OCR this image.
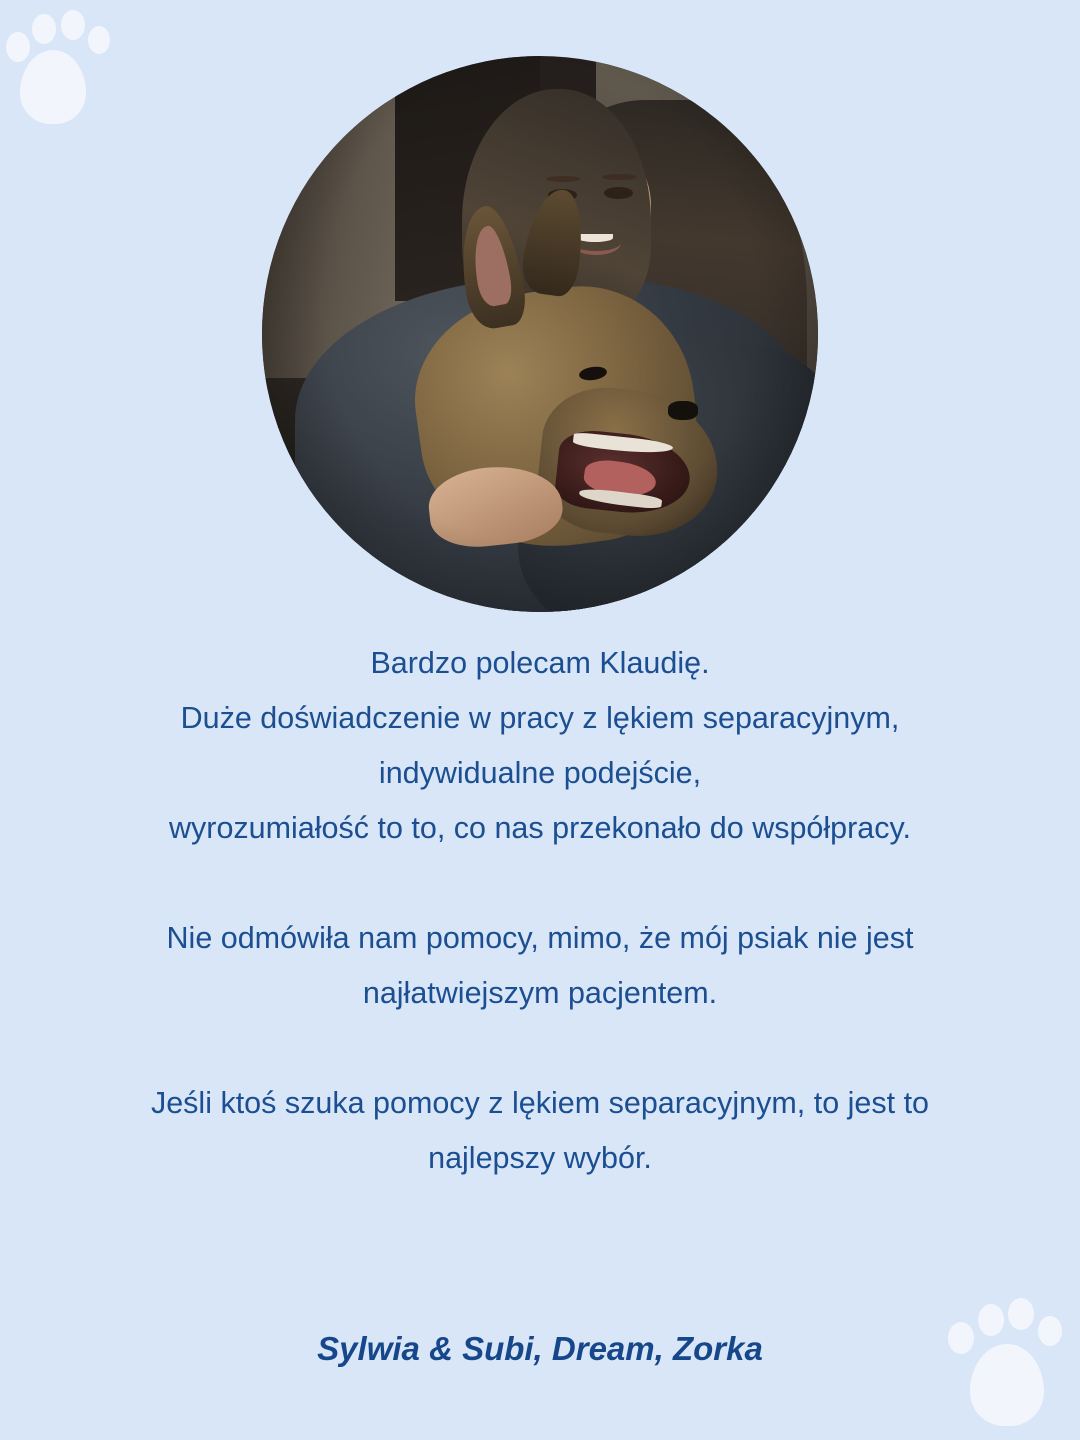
Bardzo polecam Klaudię.

Duże doświadczenie w pracy z lękiem separacyjnym,

indywidualne podejście,

wyrozumiałość to to, co nas przekonało do współpracy.

Nie odmówiła nam pomocy, mimo, że mój psiak nie jest

najłatwiejszym pacjentem.

Jeśli ktoś szuka pomocy z lękiem separacyjnym, to jest to

najlepszy wybór.

Sylwia & Subi, Dream, Zorka
